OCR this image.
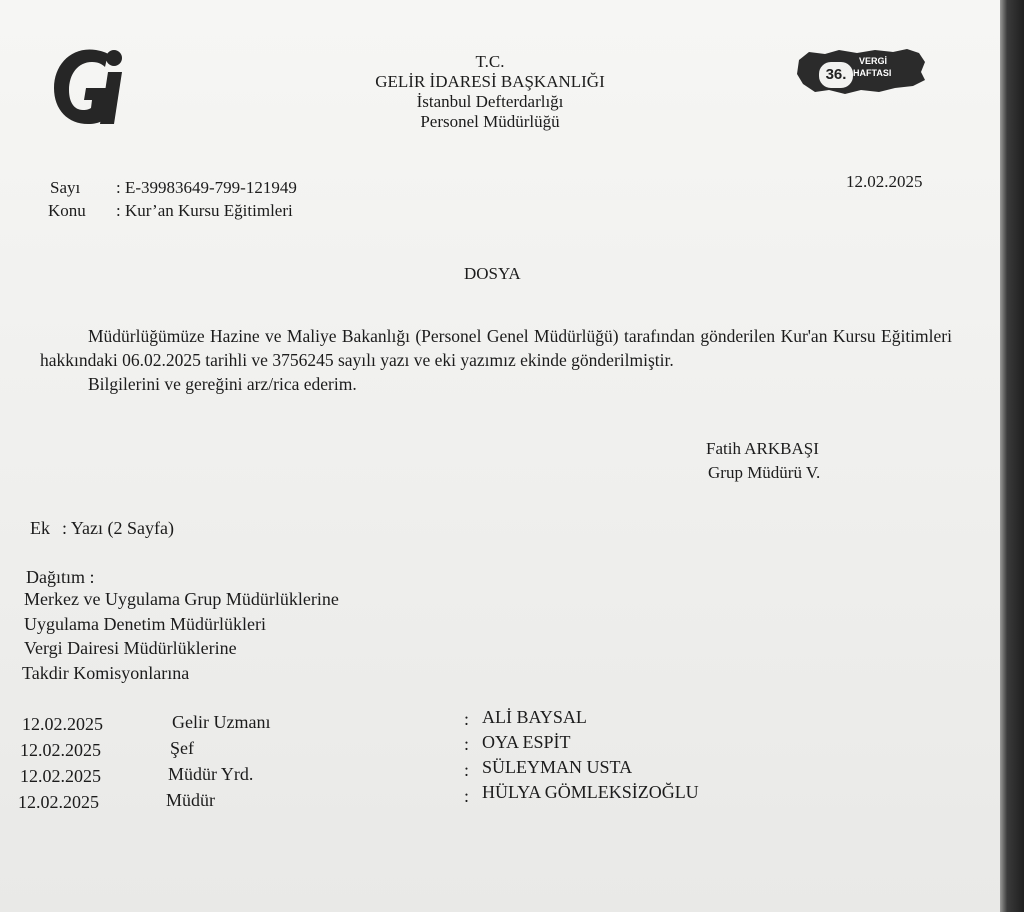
T.C.
GELİR İDARESİ BAŞKANLIĞI
İstanbul Defterdarlığı
Personel Müdürlüğü
36.
VERGİ
HAFTASI
Sayı : E-39983649-799-121949
Konu : Kur’an Kursu Eğitimleri
12.02.2025
DOSYA

Müdürlüğümüze Hazine ve Maliye Bakanlığı (Personel Genel Müdürlüğü) tarafından gönderilen Kur'an Kursu Eğitimleri hakkındaki 06.02.2025 tarihli ve 3756245 sayılı yazı ve eki yazımız ekinde gönderilmiştir.

Bilgilerini ve gereğini arz/rica ederim.

Fatih ARKBAŞI
Grup Müdürü V.
Ek : Yazı (2 Sayfa)
Dağıtım :
Merkez ve Uygulama Grup Müdürlüklerine
Uygulama Denetim Müdürlükleri
Vergi Dairesi Müdürlüklerine
Takdir Komisyonlarına
12.02.2025	Gelir Uzmanı	: ALİ BAYSAL
12.02.2025	Şef	: OYA ESPİT
12.02.2025	Müdür Yrd.	: SÜLEYMAN USTA
12.02.2025	Müdür	: HÜLYA GÖMLEKSİZOĞLU
